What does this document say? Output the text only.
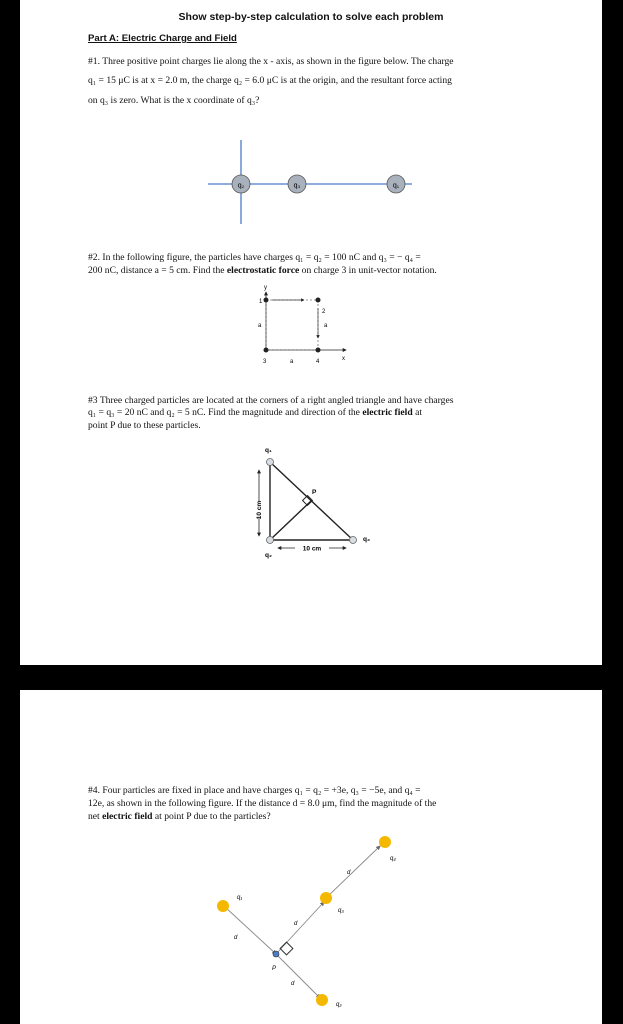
Show step-by-step calculation to solve each problem
Part A: Electric Charge and Field
#1. Three positive point charges lie along the x - axis, as shown in the figure below. The charge
q₁ = 15 μC is at x = 2.0 m, the charge q₂ = 6.0 μC is at the origin, and the resultant force acting
on q₃ is zero. What is the x coordinate of q₃?
q₂	q₃	q₁
#2. In the following figure, the particles have charges q₁ = q₂ = 100 nC and q₃ = − q₄ =
200 nC, distance a = 5 cm. Find the electrostatic force on charge 3 in unit-vector notation.
y
x
1
2
3	4
a	a
a
#3 Three charged particles are located at the corners of a right angled triangle and have charges
q₁ = q₃ = 20 nC and q₂ = 5 nC. Find the magnitude and direction of the electric field at
point P due to these particles.
q₁
q₂
q₃
P
10 cm
10 cm
#4. Four particles are fixed in place and have charges q₁ = q₂ = +3e, q₃ = −5e, and q₄ =
12e, as shown in the following figure. If the distance d = 8.0 μm, find the magnitude of the
net electric field at point P due to the particles?
q₁
q₂
q₃
q₄
P
d
d
d
d
